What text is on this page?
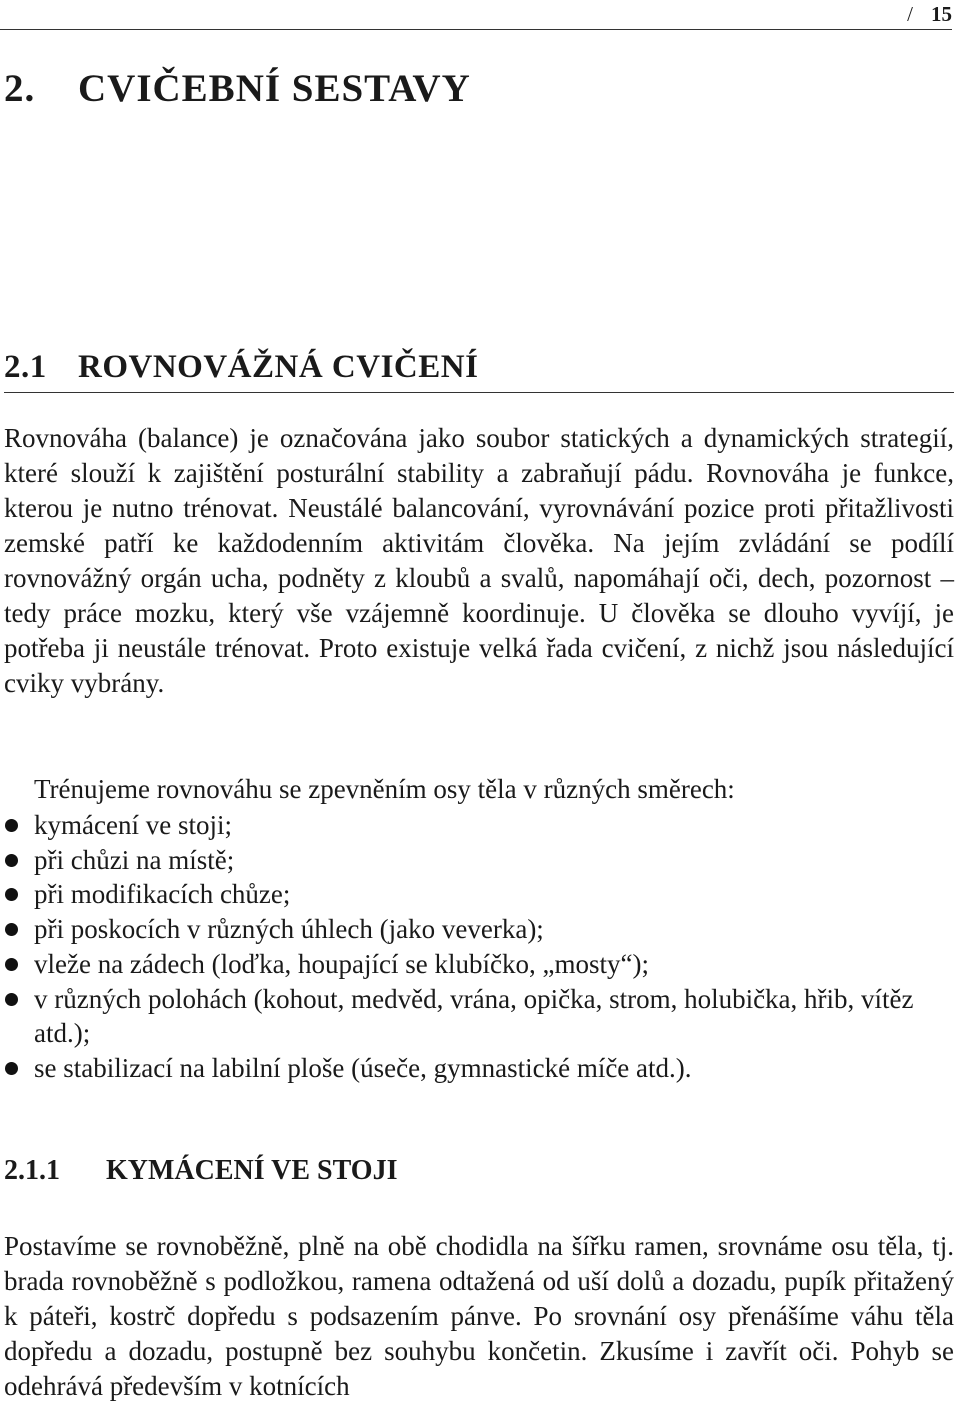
/ 15
2.	CVIČEBNÍ SESTAVY
2.1 ROVNOVÁŽNÁ CVIČENÍ

Rovnováha (balance) je označována jako soubor statických a dynamických strategií, které slouží k zajištění posturální stability a zabraňují pádu. Rovnováha je funkce, kterou je nutno trénovat. Neustálé balancování, vyrovnávání pozice proti přitažlivosti zemské patří ke každodenním aktivitám člověka. Na jejím zvládání se podílí rovnovážný orgán ucha, podněty z kloubů a svalů, napomáhají oči, dech, pozornost – tedy práce mozku, který vše vzájemně koordinuje. U člověka se dlouho vyvíjí, je potřeba ji neustále trénovat. Proto existuje velká řada cvičení, z nichž jsou následující cviky vybrány.

Trénujeme rovnováhu se zpevněním osy těla v různých směrech:

kymácení ve stoji;
při chůzi na místě;
při modifikacích chůze;
při poskocích v různých úhlech (jako veverka);
vleže na zádech (loďka, houpající se klubíčko, „mosty“);
v různých polohách (kohout, medvěd, vrána, opička, strom, holubička, hřib, vítěz atd.);
se stabilizací na labilní ploše (úseče, gymnastické míče atd.).
2.1.1	KYMÁCENÍ VE STOJI

Postavíme se rovnoběžně, plně na obě chodidla na šířku ramen, srovnáme osu těla, tj. brada rovnoběžně s podložkou, ramena odtažená od uší dolů a dozadu, pupík přitažený k páteři, kostrč dopředu s podsazením pánve. Po srovnání osy přenášíme váhu těla dopředu a dozadu, postupně bez souhybu končetin. Zkusíme i zavřít oči. Pohyb se odehrává především v kotnících
